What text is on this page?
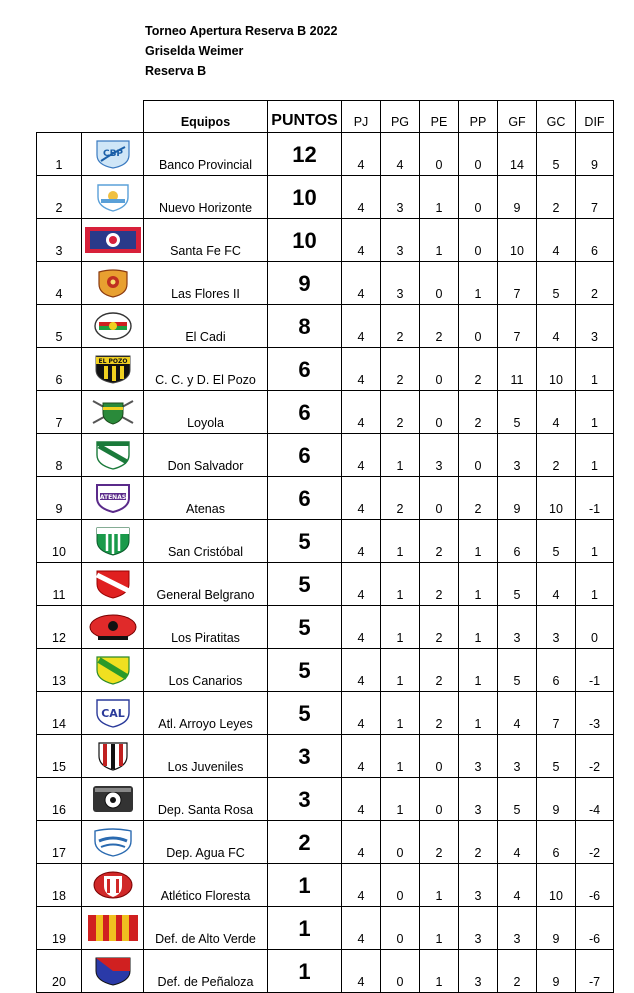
Torneo Apertura Reserva B 2022
Griselda Weimer
Reserva B
		Equipos	PUNTOS	PJ	PG	PE	PP	GF	GC	DIF
1	CBP	Banco Provincial	12	4	4	0	0	14	5	9
2		Nuevo Horizonte	10	4	3	1	0	9	2	7
3		Santa Fe FC	10	4	3	1	0	10	4	6
4		Las Flores II	9	4	3	0	1	7	5	2
5		El Cadi	8	4	2	2	0	7	4	3
6	EL POZO	C. C. y D. El Pozo	6	4	2	0	2	11	10	1
7		Loyola	6	4	2	0	2	5	4	1
8		Don Salvador	6	4	1	3	0	3	2	1
9	ATENAS	Atenas	6	4	2	0	2	9	10	-1
10		San Cristóbal	5	4	1	2	1	6	5	1
11		General Belgrano	5	4	1	2	1	5	4	1
12		Los Piratitas	5	4	1	2	1	3	3	0
13		Los Canarios	5	4	1	2	1	5	6	-1
14	CAL	Atl. Arroyo Leyes	5	4	1	2	1	4	7	-3
15		Los Juveniles	3	4	1	0	3	3	5	-2
16		Dep. Santa Rosa	3	4	1	0	3	5	9	-4
17		Dep. Agua FC	2	4	0	2	2	4	6	-2
18		Atlético Floresta	1	4	0	1	3	4	10	-6
19		Def. de Alto Verde	1	4	0	1	3	3	9	-6
20		Def. de Peñaloza	1	4	0	1	3	2	9	-7
